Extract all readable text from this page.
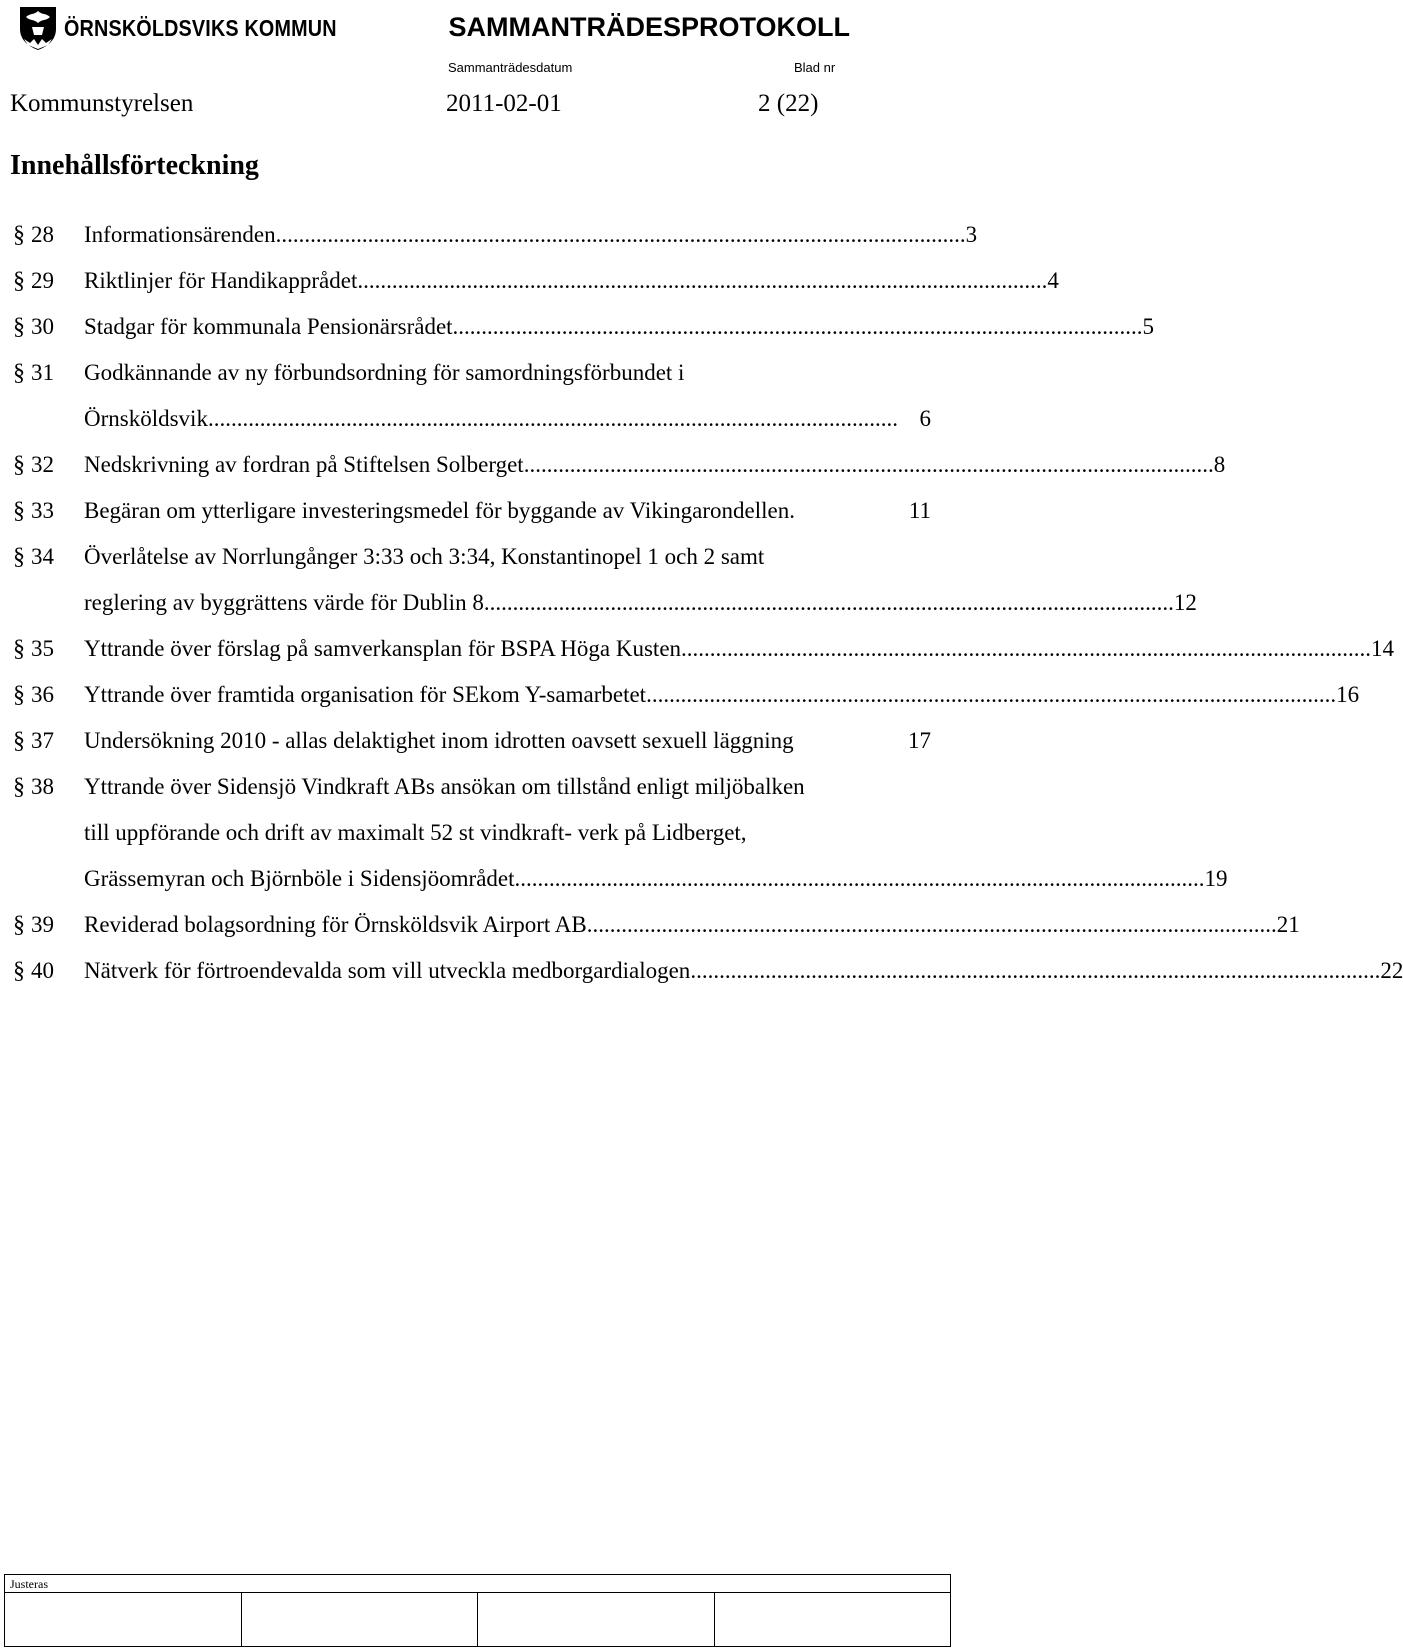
ÖRNSKÖLDSVIKS KOMMUN	SAMMANTRÄDESPROTOKOLL
Sammanträdesdatum	Blad nr
Kommunstyrelsen	2011-02-01	2 (22)
Innehållsförteckning
§ 28 Informationsärenden ........................................................................................................................ 3
§ 29 Riktlinjer för Handikapprådet ........................................................................................................................ 4
§ 30 Stadgar för kommunala Pensionärsrådet ........................................................................................................................ 5
§ 31 Godkännande av ny förbundsordning för samordningsförbundet i
Örnsköldsvik ........................................................................................................................ 6
§ 32 Nedskrivning av fordran på Stiftelsen Solberget ........................................................................................................................ 8
§ 33 Begäran om ytterligare investeringsmedel för byggande av Vikingarondellen .	11
§ 34 Överlåtelse av Norrlungånger 3:33 och 3:34, Konstantinopel 1 och 2 samt
reglering av byggrättens värde för Dublin 8 ........................................................................................................................ 12
§ 35 Yttrande över förslag på samverkansplan för BSPA Höga Kusten ........................................................................................................................ 14
§ 36 Yttrande över framtida organisation för SEkom Y-samarbetet ........................................................................................................................ 16
§ 37 Undersökning 2010 - allas delaktighet inom idrotten oavsett sexuell läggning	17
§ 38 Yttrande över Sidensjö Vindkraft ABs ansökan om tillstånd enligt miljöbalken
till uppförande och drift av maximalt 52 st vindkraft- verk på Lidberget,
Grässemyran och Björnböle i Sidensjöområdet ........................................................................................................................ 19
§ 39 Reviderad bolagsordning för Örnsköldsvik Airport AB ........................................................................................................................ 21
§ 40 Nätverk för förtroendevalda som vill utveckla medborgardialogen ........................................................................................................................ 22

Justeras
